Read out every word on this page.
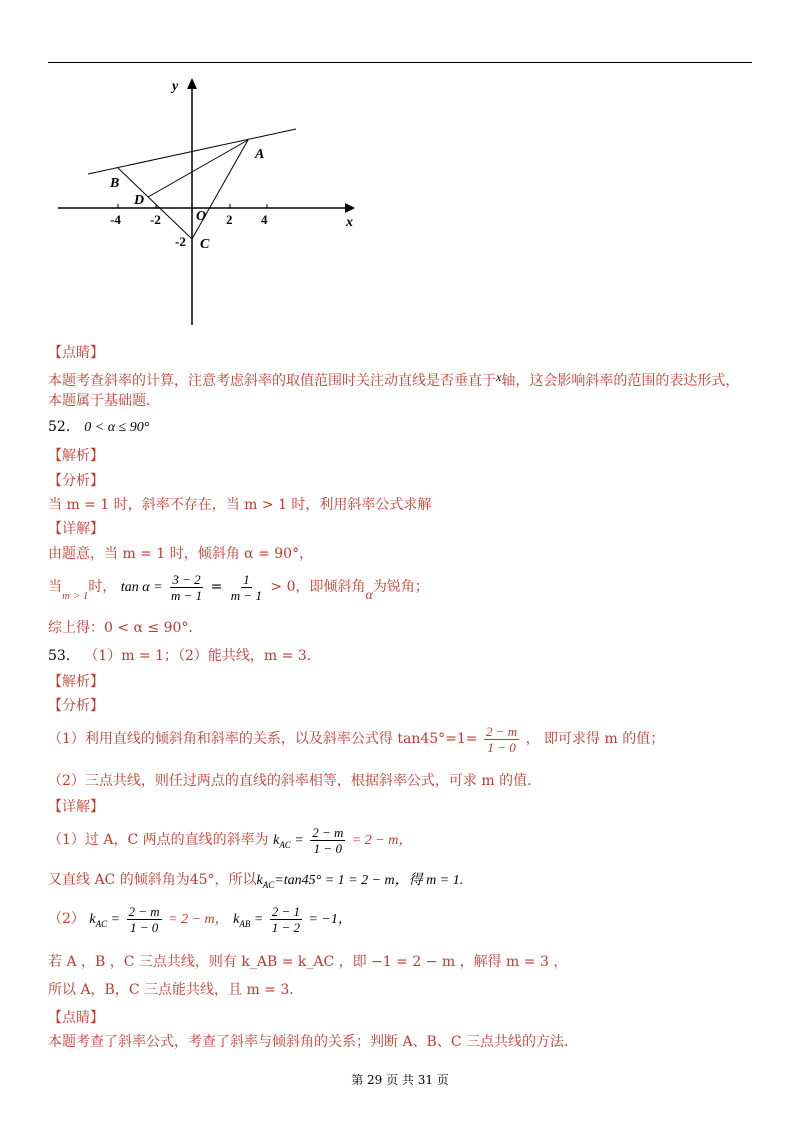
y
x
A
B
D
C
O
-4 -2	2 4
-2
【点睛】
本题考查斜率的计算，注意考虑斜率的取值范围时关注动直线是否垂直于x轴，这会影响斜率的范围的表达形式，
本题属于基础题.
52． 0 < α ≤ 90°
【解析】
【分析】
当 m = 1 时，斜率不存在，当 m > 1 时，利用斜率公式求解
【详解】
由题意，当 m = 1 时，倾斜角 α = 90°，
当$_{m > 1}$时， $\tan \alpha = \frac{3 - 2}{m - 1} = \frac{1}{m - 1} > 0$，即倾斜角α为锐角；
综上得：0 < α ≤ 90°．
53． （1）m = 1；（2）能共线，m = 3．
【解析】
【分析】
（1）利用直线的倾斜角和斜率的关系，以及斜率公式得 $\tan 45^\circ=1= \frac{2 - m}{1 - 0}$ ， 即可求得 m 的值；
（2）三点共线，则任过两点的直线的斜率相等，根据斜率公式，可求 m 的值.
【详解】
（1）过 A，C 两点的直线的斜率为 $k_{AC} = \frac{2 - m}{1 - 0} = 2 - m$，
又直线 AC 的倾斜角为45°，所以$k_{AC}=\tan 45^\circ = 1 = 2 - m$，得 m = 1.
（2） $k_{AC} = \frac{2 - m}{1 - 0} = 2 - m$， $k_{AB} = \frac{2 - 1}{1 - 2} = -1$，
若 A ，B ，C 三点共线，则有 k_AB = k_AC ，即 −1 = 2 − m ，解得 m = 3 ，
所以 A，B，C 三点能共线，且 m = 3.
【点睛】
本题考查了斜率公式，考查了斜率与倾斜角的关系；判断 A、B、C 三点共线的方法.
第 29 页 共 31 页
